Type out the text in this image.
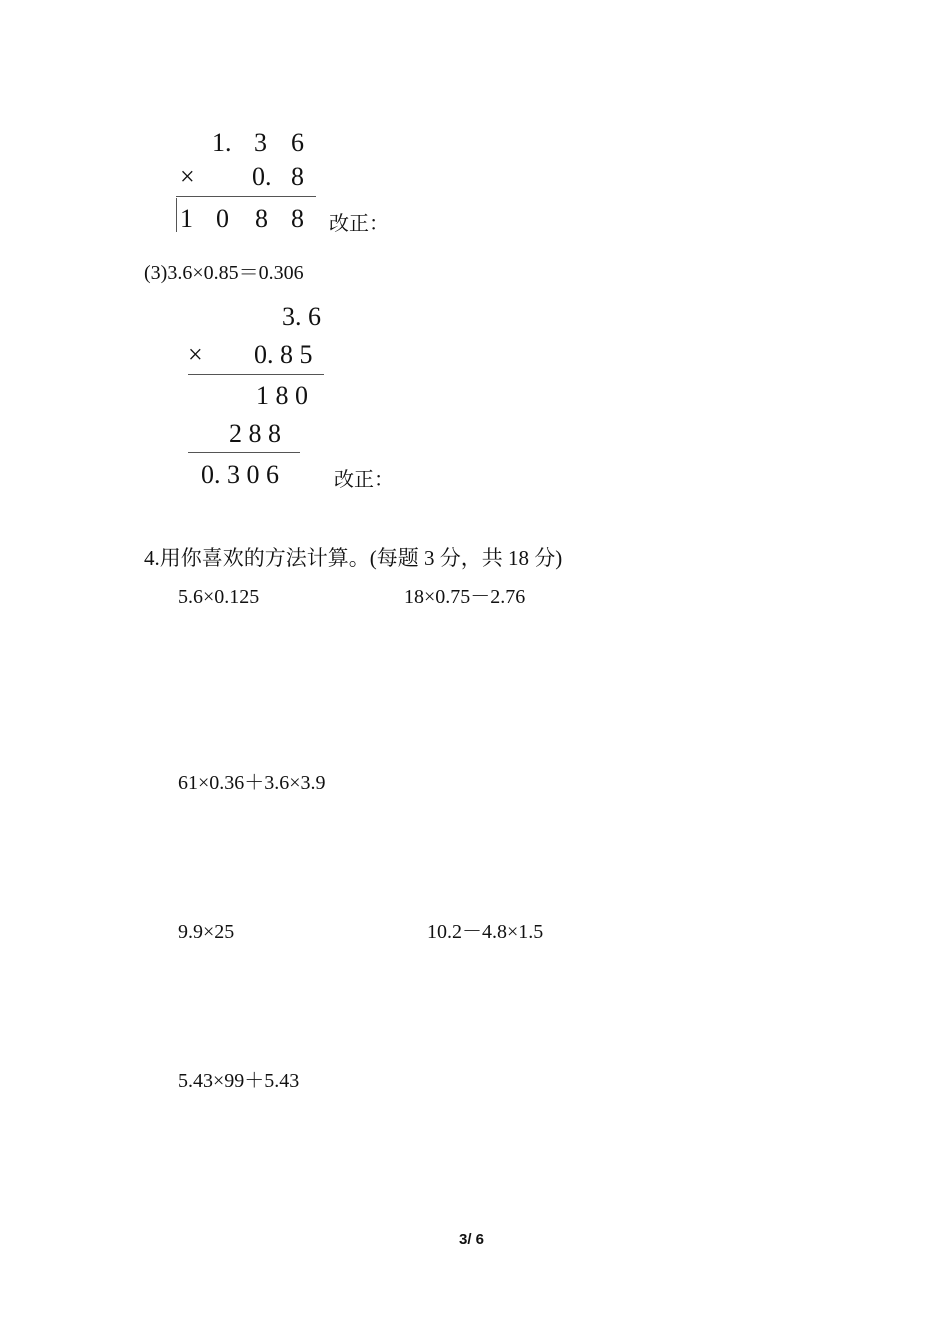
1. 3 6
× 0. 8
1 0 8 8 改正：
(3)3.6×0.85＝0.306
3. 6
× 0. 8 5
1 8 0
2 8 8
0. 3 0 6	改正：
4.用你喜欢的方法计算。(每题 3 分，共 18 分)
5.6×0.125	18×0.75－2.76
61×0.36＋3.6×3.9
9.9×25	10.2－4.8×1.5
5.43×99＋5.43
3/ 6
